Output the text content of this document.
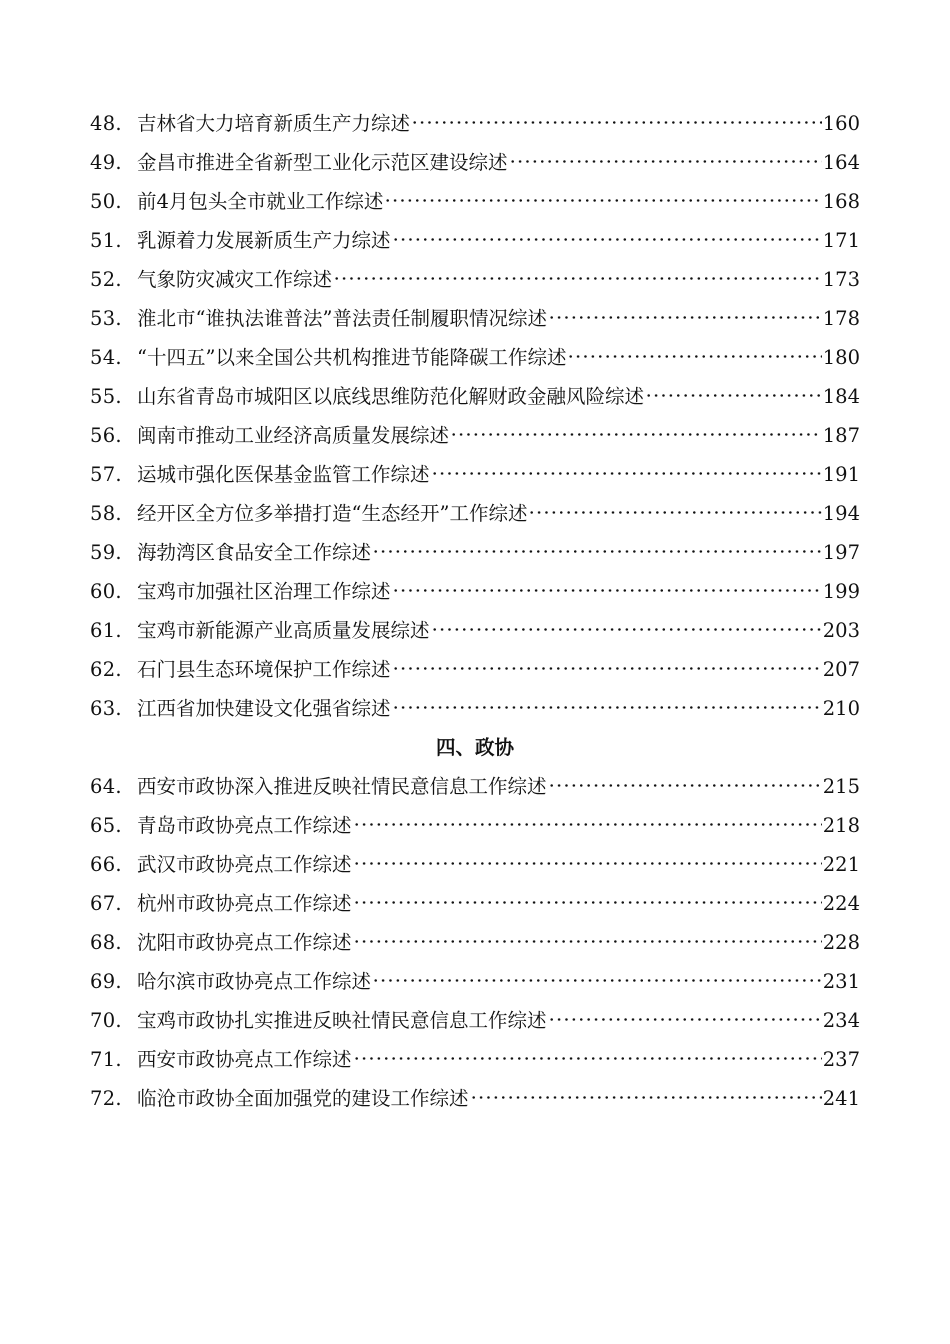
48. 吉林省大力培育新质生产力综述	160
49. 金昌市推进全省新型工业化示范区建设综述	164
50. 前4月包头全市就业工作综述	168
51. 乳源着力发展新质生产力综述	171
52. 气象防灾减灾工作综述	173
53. 淮北市“谁执法谁普法”普法责任制履职情况综述	178
54. “十四五”以来全国公共机构推进节能降碳工作综述	180
55. 山东省青岛市城阳区以底线思维防范化解财政金融风险综述	184
56. 闽南市推动工业经济高质量发展综述	187
57. 运城市强化医保基金监管工作综述	191
58. 经开区全方位多举措打造“生态经开”工作综述	194
59. 海勃湾区食品安全工作综述	197
60. 宝鸡市加强社区治理工作综述	199
61. 宝鸡市新能源产业高质量发展综述	203
62. 石门县生态环境保护工作综述	207
63. 江西省加快建设文化强省综述	210
四、政协
64. 西安市政协深入推进反映社情民意信息工作综述	215
65. 青岛市政协亮点工作综述	218
66. 武汉市政协亮点工作综述	221
67. 杭州市政协亮点工作综述	224
68. 沈阳市政协亮点工作综述	228
69. 哈尔滨市政协亮点工作综述	231
70. 宝鸡市政协扎实推进反映社情民意信息工作综述	234
71. 西安市政协亮点工作综述	237
72. 临沧市政协全面加强党的建设工作综述	241
